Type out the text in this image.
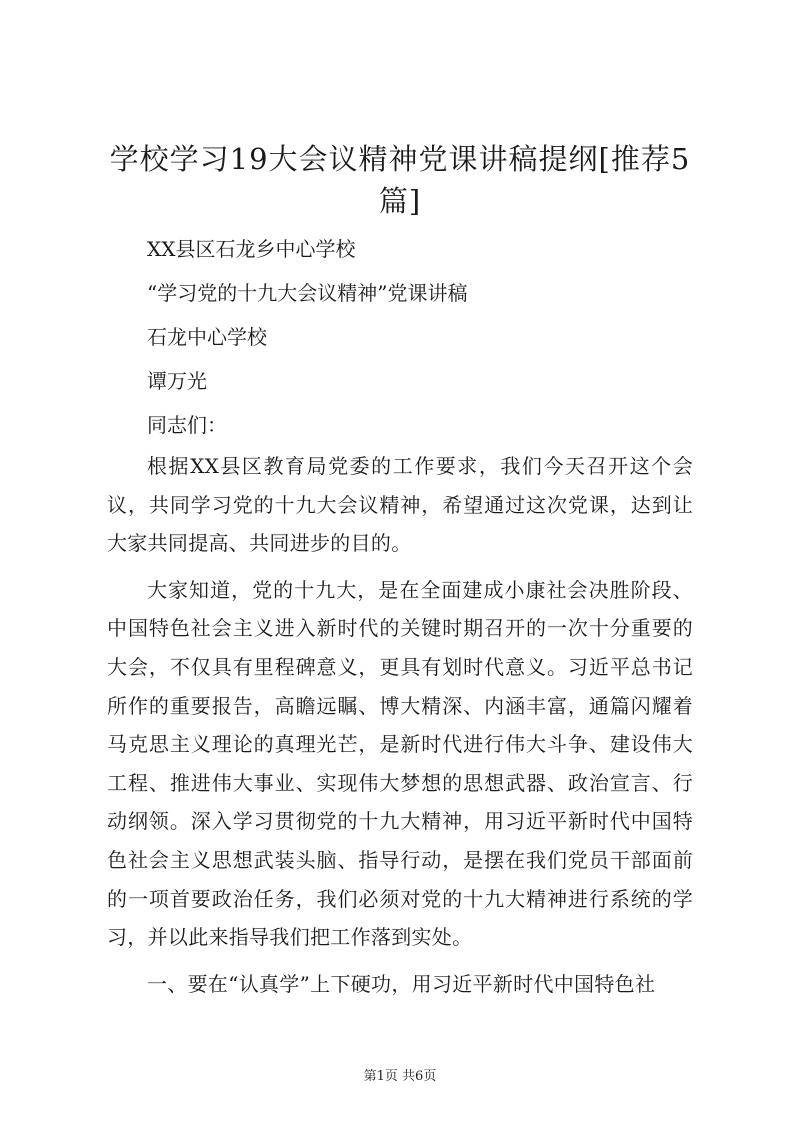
学校学习19大会议精神党课讲稿提纲[推荐5篇]

XX县区石龙乡中心学校

“学习党的十九大会议精神”党课讲稿

石龙中心学校

谭万光

同志们：

根据XX县区教育局党委的工作要求，我们今天召开这个会议，共同学习党的十九大会议精神，希望通过这次党课，达到让大家共同提高、共同进步的目的。

大家知道，党的十九大，是在全面建成小康社会决胜阶段、中国特色社会主义进入新时代的关键时期召开的一次十分重要的大会，不仅具有里程碑意义，更具有划时代意义。习近平总书记所作的重要报告，高瞻远瞩、博大精深、内涵丰富，通篇闪耀着马克思主义理论的真理光芒，是新时代进行伟大斗争、建设伟大工程、推进伟大事业、实现伟大梦想的思想武器、政治宣言、行动纲领。深入学习贯彻党的十九大精神，用习近平新时代中国特色社会主义思想武装头脑、指导行动，是摆在我们党员干部面前的一项首要政治任务，我们必须对党的十九大精神进行系统的学习，并以此来指导我们把工作落到实处。

一、要在“认真学”上下硬功，用习近平新时代中国特色社

第1页 共6页
